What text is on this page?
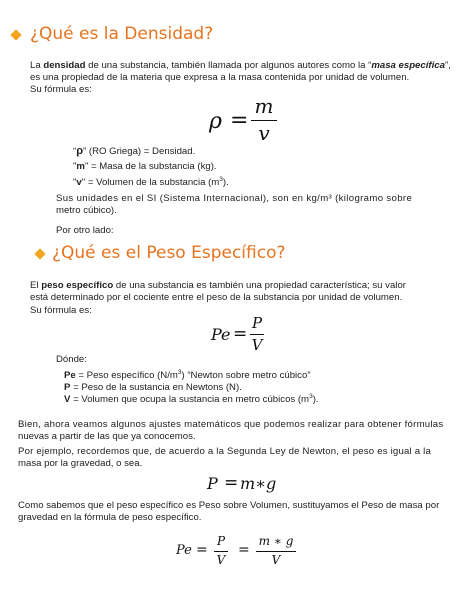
¿Qué es la Densidad?
La densidad de una substancia, también llamada por algunos autores como la “masa específica”,
es una propiedad de la materia que expresa a la masa contenida por unidad de volumen.
Su fórmula es:
ρ =
m
v
“ρ” (RO Griega) = Densidad.
"m" = Masa de la substancia (kg).
"v" = Volumen de la substancia $(m^3)$.
Sus unidades en el SI (Sistema Internacional), son en kg/m³ (kilogramo sobre
metro cúbico).
Por otro lado:
¿Qué es el Peso Específico?
El peso específico de una substancia es también una propiedad característica; su valor
está determinado por el cociente entre el peso de la substancia por unidad de volumen.
Su fórmula es:
Pe =
P
V
Dónde:
Pe = Peso específico $(N/m^3)$ “Newton sobre metro cúbico”
P = Peso de la sustancia en Newtons (N).
V = Volumen que ocupa la sustancia en metro cúbicos $(m^3)$.
Bien, ahora veamos algunos ajustes matemáticos que podemos realizar para obtener fórmulas
nuevas a partir de las que ya conocemos.
Por ejemplo, recordemos que, de acuerdo a la Segunda Ley de Newton, el peso es igual a la
masa por la gravedad, o sea.
P = m∗g
Como sabemos que el peso específico es Peso sobre Volumen, sustituyamos el Peso de masa por
gravedad en la fórmula de peso específico.
Pe =
P
V
=
m ∗ g
V
